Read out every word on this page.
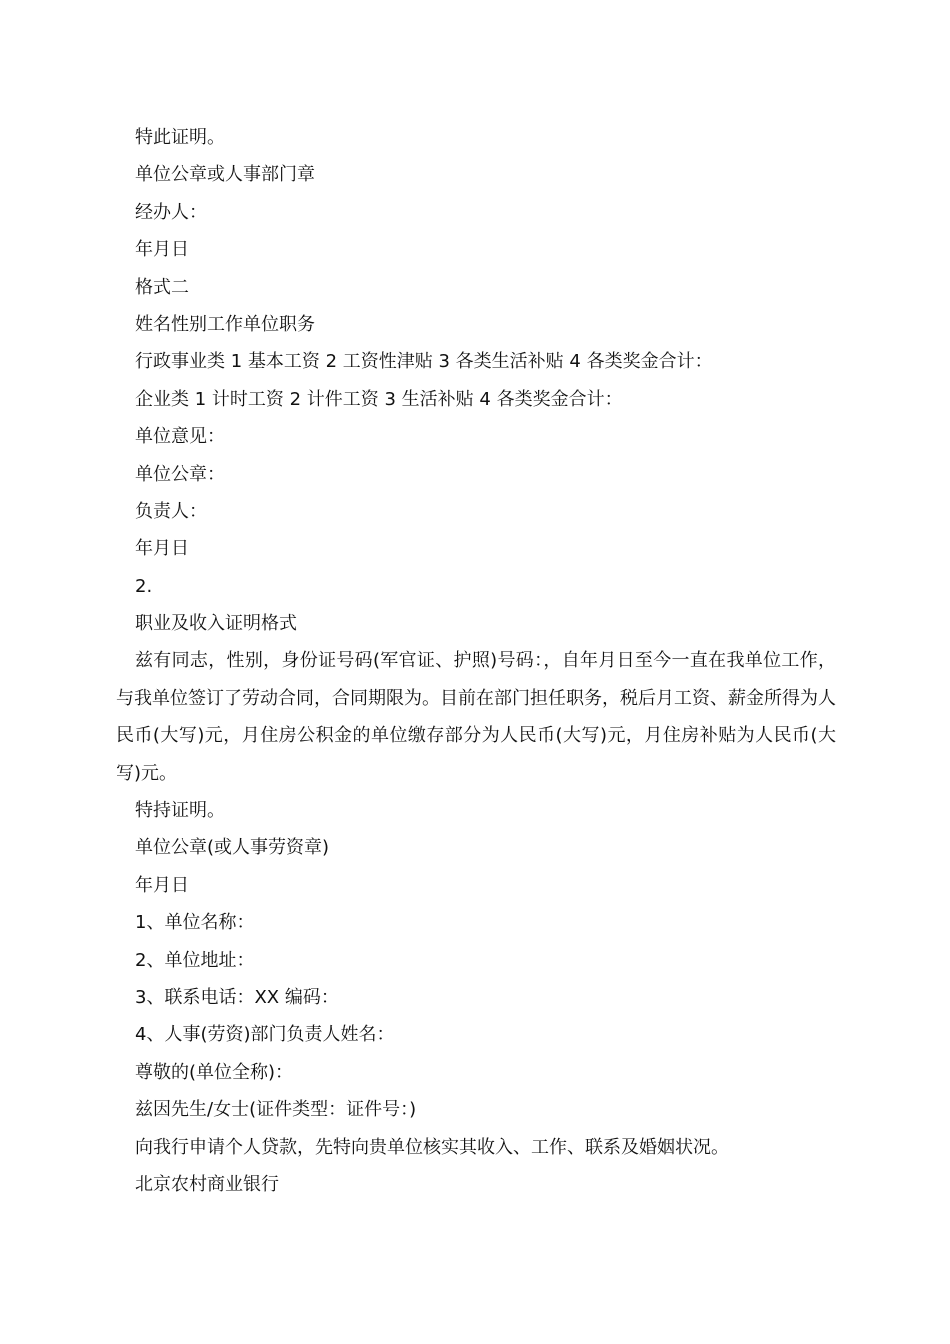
特此证明。

单位公章或人事部门章

经办人：

年月日

格式二

姓名性别工作单位职务

行政事业类 1 基本工资 2 工资性津贴 3 各类生活补贴 4 各类奖金合计：

企业类 1 计时工资 2 计件工资 3 生活补贴 4 各类奖金合计：

单位意见：

单位公章：

负责人：

年月日

2.

职业及收入证明格式

兹有同志，性别，身份证号码(军官证、护照)号码：，自年月日至今一直在我单位工作，与我单位签订了劳动合同，合同期限为。目前在部门担任职务，税后月工资、薪金所得为人民币(大写)元，月住房公积金的单位缴存部分为人民币(大写)元，月住房补贴为人民币(大写)元。

特持证明。

单位公章(或人事劳资章)

年月日

1、单位名称：

2、单位地址：

3、联系电话：XX 编码：

4、人事(劳资)部门负责人姓名：

尊敬的(单位全称)：

兹因先生/女士(证件类型：证件号：)

向我行申请个人贷款，先特向贵单位核实其收入、工作、联系及婚姻状况。

北京农村商业银行
